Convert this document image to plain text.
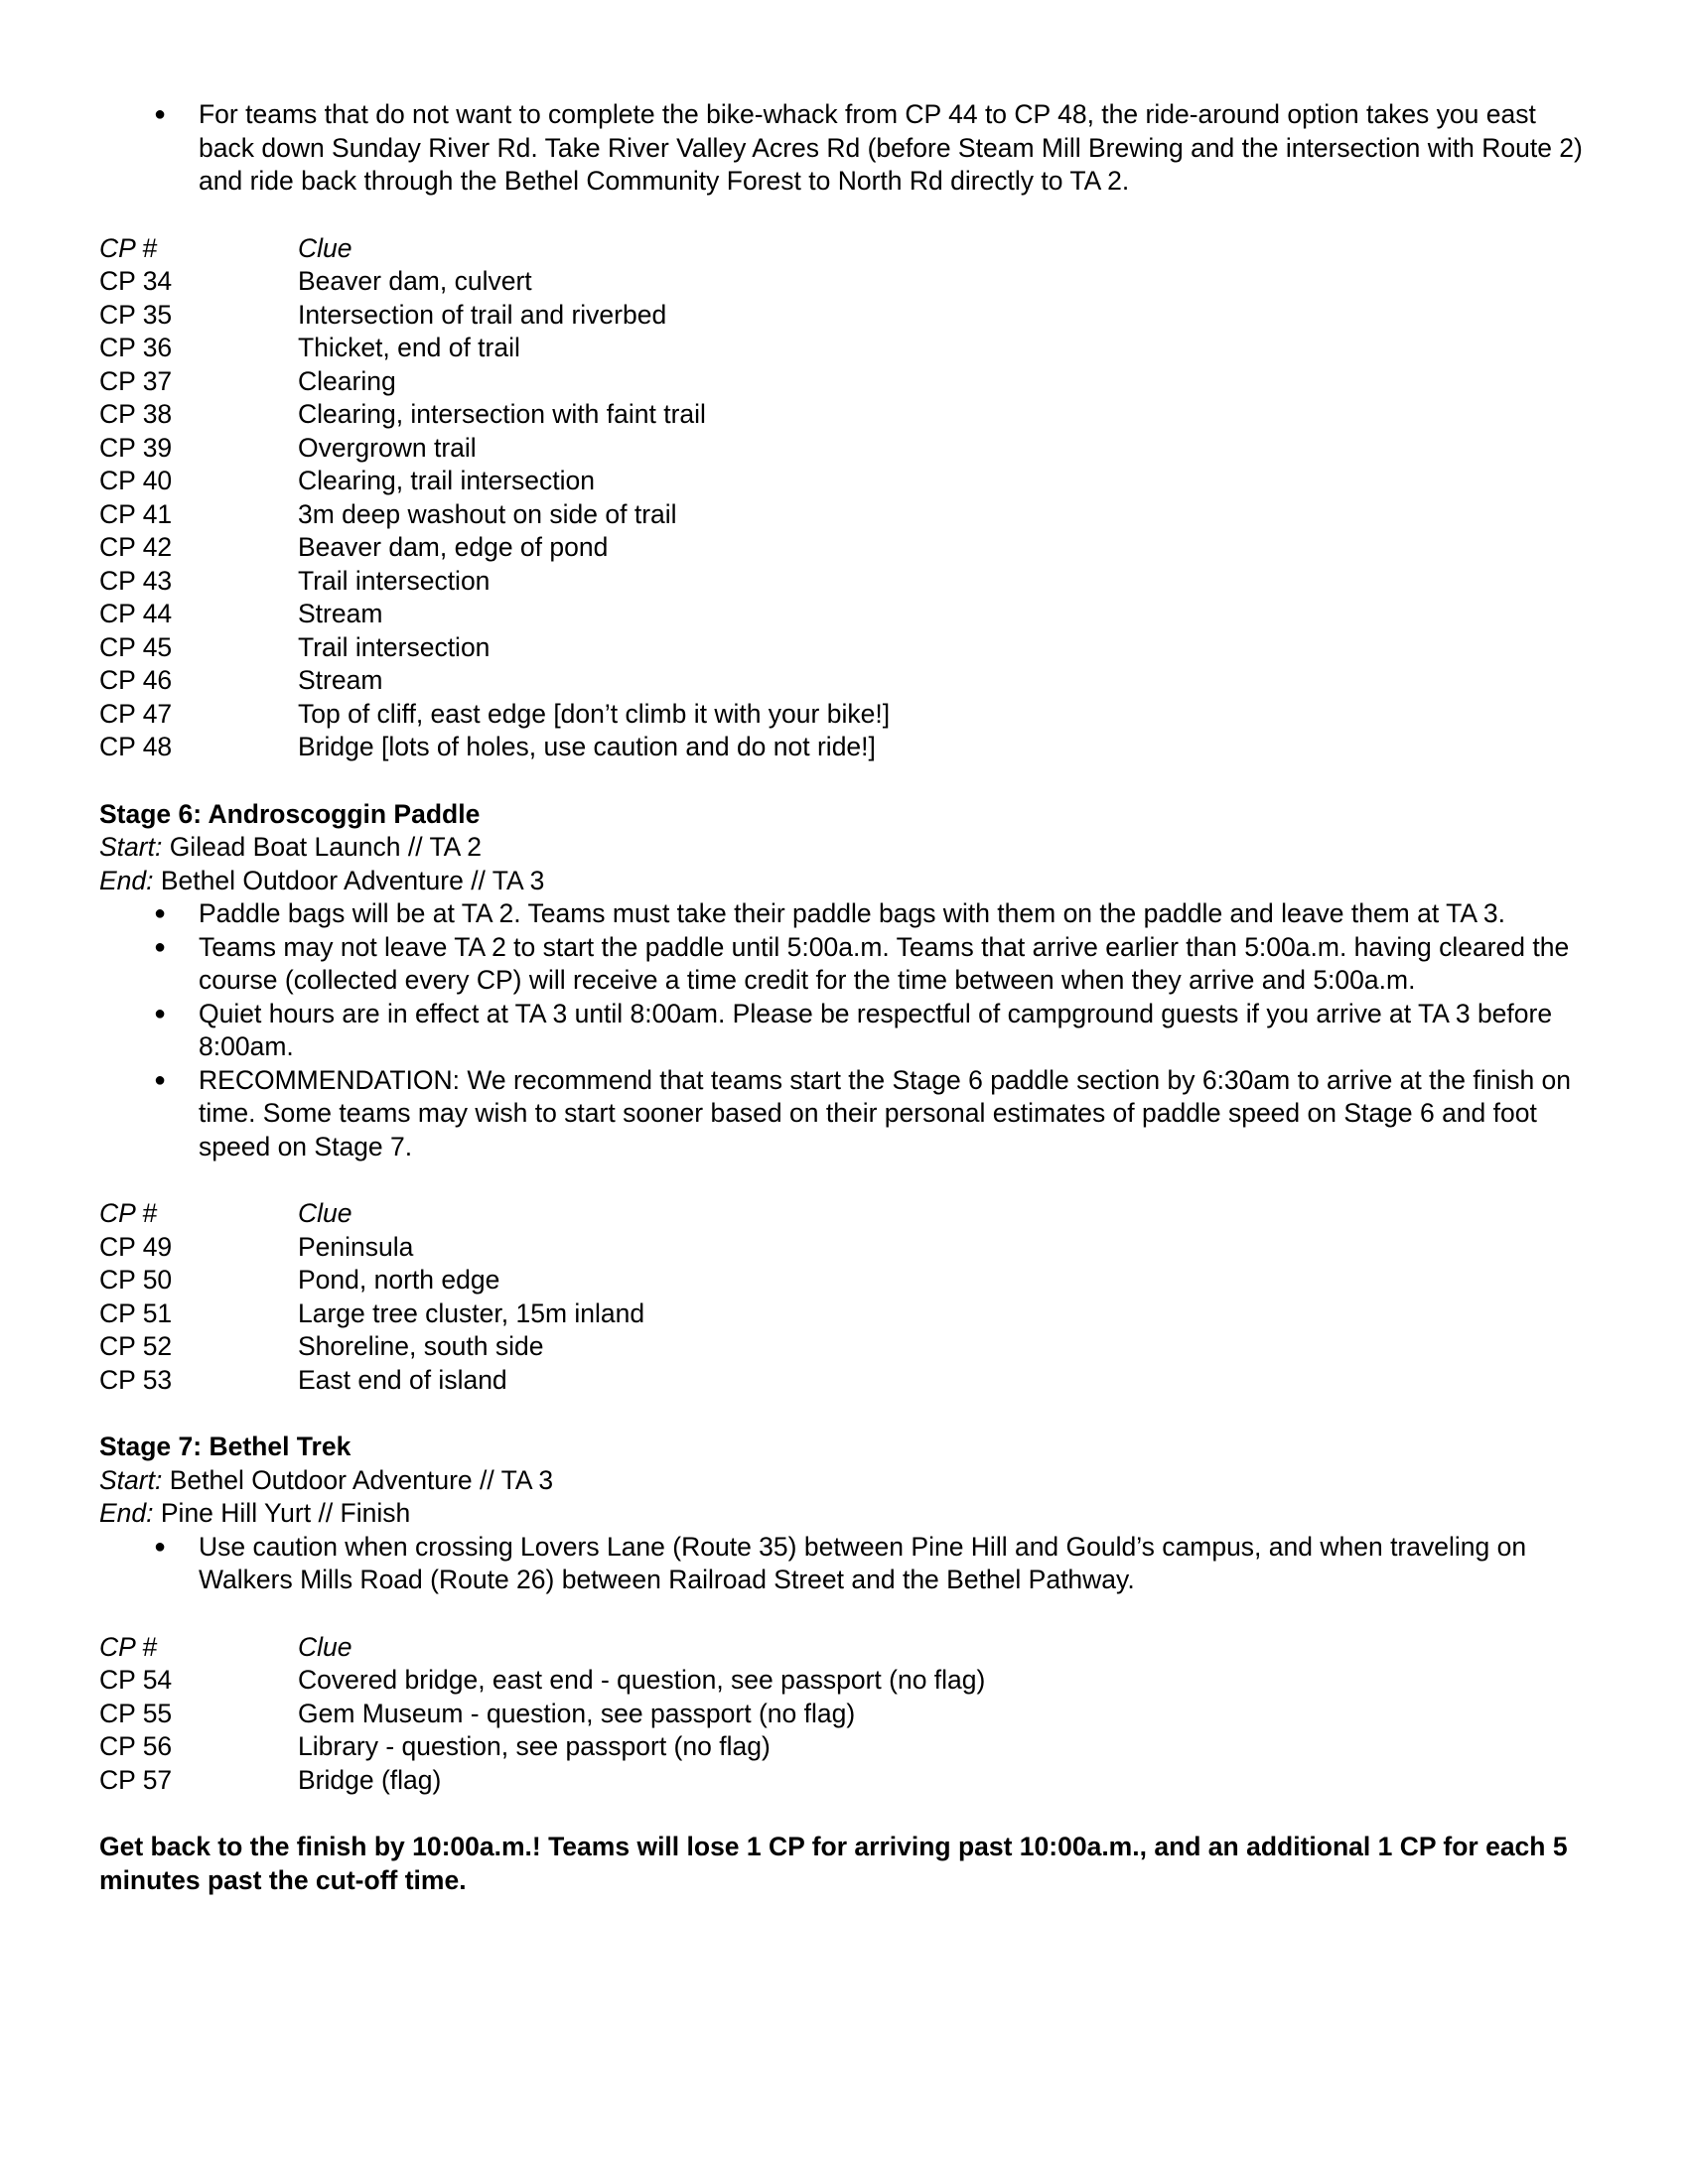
● For teams that do not want to complete the bike-whack from CP 44 to CP 48, the ride-around option takes you east back down Sunday River Rd. Take River Valley Acres Rd (before Steam Mill Brewing and the intersection with Route 2) and ride back through the Bethel Community Forest to North Rd directly to TA 2.
CP #	Clue
CP 34	Beaver dam, culvert
CP 35	Intersection of trail and riverbed
CP 36	Thicket, end of trail
CP 37	Clearing
CP 38	Clearing, intersection with faint trail
CP 39	Overgrown trail
CP 40	Clearing, trail intersection
CP 41	3m deep washout on side of trail
CP 42	Beaver dam, edge of pond
CP 43	Trail intersection
CP 44	Stream
CP 45	Trail intersection
CP 46	Stream
CP 47	Top of cliff, east edge [don’t climb it with your bike!]
CP 48	Bridge [lots of holes, use caution and do not ride!]
Stage 6: Androscoggin Paddle
Start: Gilead Boat Launch // TA 2
End: Bethel Outdoor Adventure // TA 3
● Paddle bags will be at TA 2. Teams must take their paddle bags with them on the paddle and leave them at TA 3.
● Teams may not leave TA 2 to start the paddle until 5:00a.m. Teams that arrive earlier than 5:00a.m. having cleared the course (collected every CP) will receive a time credit for the time between when they arrive and 5:00a.m.
● Quiet hours are in effect at TA 3 until 8:00am. Please be respectful of campground guests if you arrive at TA 3 before 8:00am.
● RECOMMENDATION: We recommend that teams start the Stage 6 paddle section by 6:30am to arrive at the finish on time. Some teams may wish to start sooner based on their personal estimates of paddle speed on Stage 6 and foot speed on Stage 7.
CP #	Clue
CP 49	Peninsula
CP 50	Pond, north edge
CP 51	Large tree cluster, 15m inland
CP 52	Shoreline, south side
CP 53	East end of island
Stage 7: Bethel Trek
Start: Bethel Outdoor Adventure // TA 3
End: Pine Hill Yurt // Finish
● Use caution when crossing Lovers Lane (Route 35) between Pine Hill and Gould’s campus, and when traveling on Walkers Mills Road (Route 26) between Railroad Street and the Bethel Pathway.
CP #	Clue
CP 54	Covered bridge, east end - question, see passport (no flag)
CP 55	Gem Museum - question, see passport (no flag)
CP 56	Library - question, see passport (no flag)
CP 57	Bridge (flag)
Get back to the finish by 10:00a.m.! Teams will lose 1 CP for arriving past 10:00a.m., and an additional 1 CP for each 5 minutes past the cut-off time.
